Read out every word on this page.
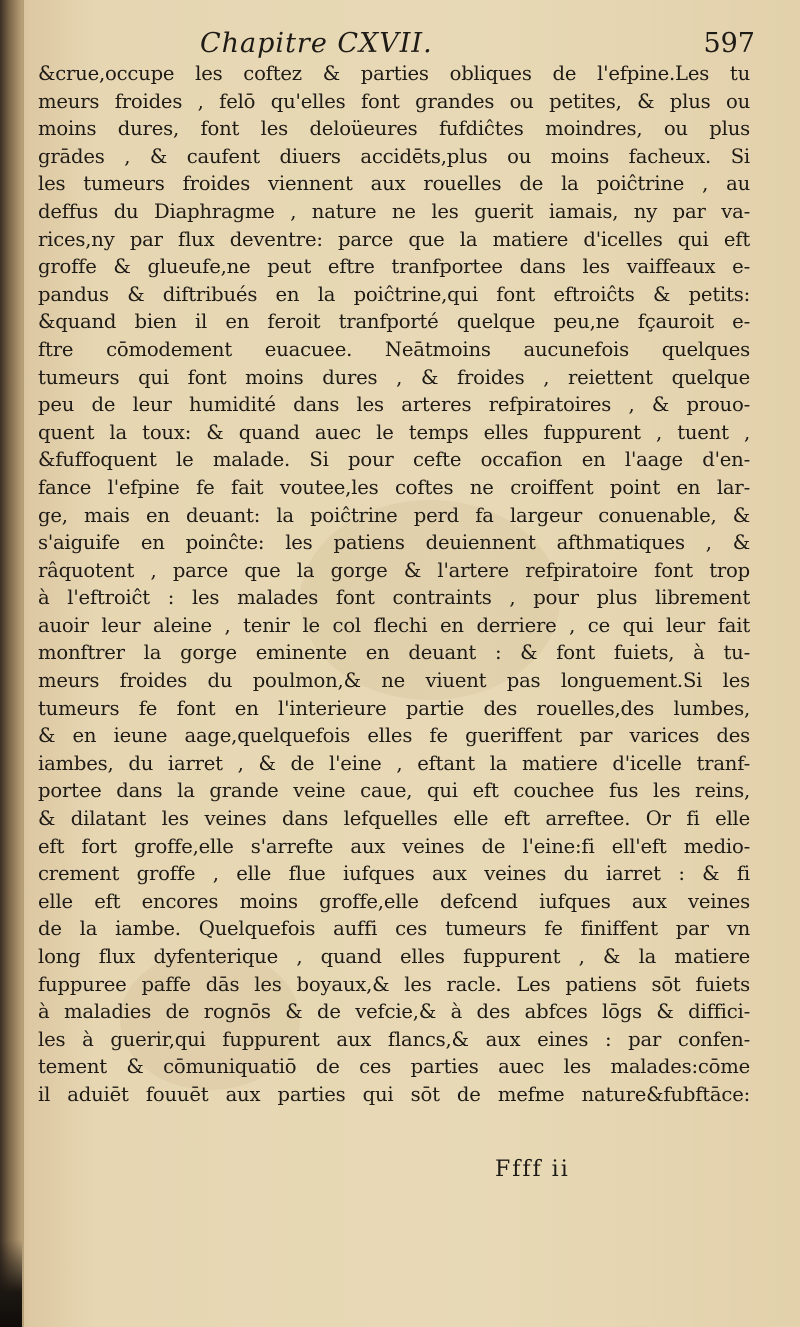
Chapitre CXVII.	597
&crue,occupe les coftez & parties obliques de l'efpine.Les tu
meurs froides , felō qu'elles font grandes ou petites, & plus ou
moins dures, font les deloüeures fufdiĉtes moindres, ou plus
grādes , & caufent diuers accidēts,plus ou moins facheux. Si
les tumeurs froides viennent aux rouelles de la poiĉtrine , au
deffus du Diaphragme , nature ne les guerit iamais, ny par va-
rices,ny par flux deventre: parce que la matiere d'icelles qui eft
groffe & glueufe,ne peut eftre tranfportee dans les vaiffeaux e-
pandus & diftribués en la poiĉtrine,qui font eftroiĉts & petits:
&quand bien il en feroit tranfporté quelque peu,ne fçauroit e-
ftre cōmodement euacuee. Neātmoins aucunefois quelques
tumeurs qui font moins dures , & froides , reiettent quelque
peu de leur humidité dans les arteres refpiratoires , & prouo-
quent la toux: & quand auec le temps elles fuppurent , tuent ,
&fuffoquent le malade. Si pour cefte occafion en l'aage d'en-
fance l'efpine fe fait voutee,les coftes ne croiffent point en lar-
ge, mais en deuant: la poiĉtrine perd fa largeur conuenable, &
s'aiguife en poinĉte: les patiens deuiennent afthmatiques , &
râquotent , parce que la gorge & l'artere refpiratoire font trop
à l'eftroiĉt : les malades font contraints , pour plus librement
auoir leur aleine , tenir le col flechi en derriere , ce qui leur fait
monftrer la gorge eminente en deuant : & font fuiets, à tu-
meurs froides du poulmon,& ne viuent pas longuement.Si les
tumeurs fe font en l'interieure partie des rouelles,des lumbes,
& en ieune aage,quelquefois elles fe gueriffent par varices des
iambes, du iarret , & de l'eine , eftant la matiere d'icelle tranf-
portee dans la grande veine caue, qui eft couchee fus les reins,
& dilatant les veines dans lefquelles elle eft arreftee. Or fi elle
eft fort groffe,elle s'arrefte aux veines de l'eine:fi ell'eft medio-
crement groffe , elle flue iufques aux veines du iarret : & fi
elle eft encores moins groffe,elle defcend iufques aux veines
de la iambe. Quelquefois auffi ces tumeurs fe finiffent par vn
long flux dyfenterique , quand elles fuppurent , & la matiere
fuppuree paffe dās les boyaux,& les racle. Les patiens sōt fuiets
à maladies de rognōs & de vefcie,& à des abfces lōgs & diffici-
les à guerir,qui fuppurent aux flancs,& aux eines : par confen-
tement & cōmuniquatiō de ces parties auec les malades:cōme
il aduiēt fouuēt aux parties qui sōt de mefme nature&fubftāce:
Ffff ii
